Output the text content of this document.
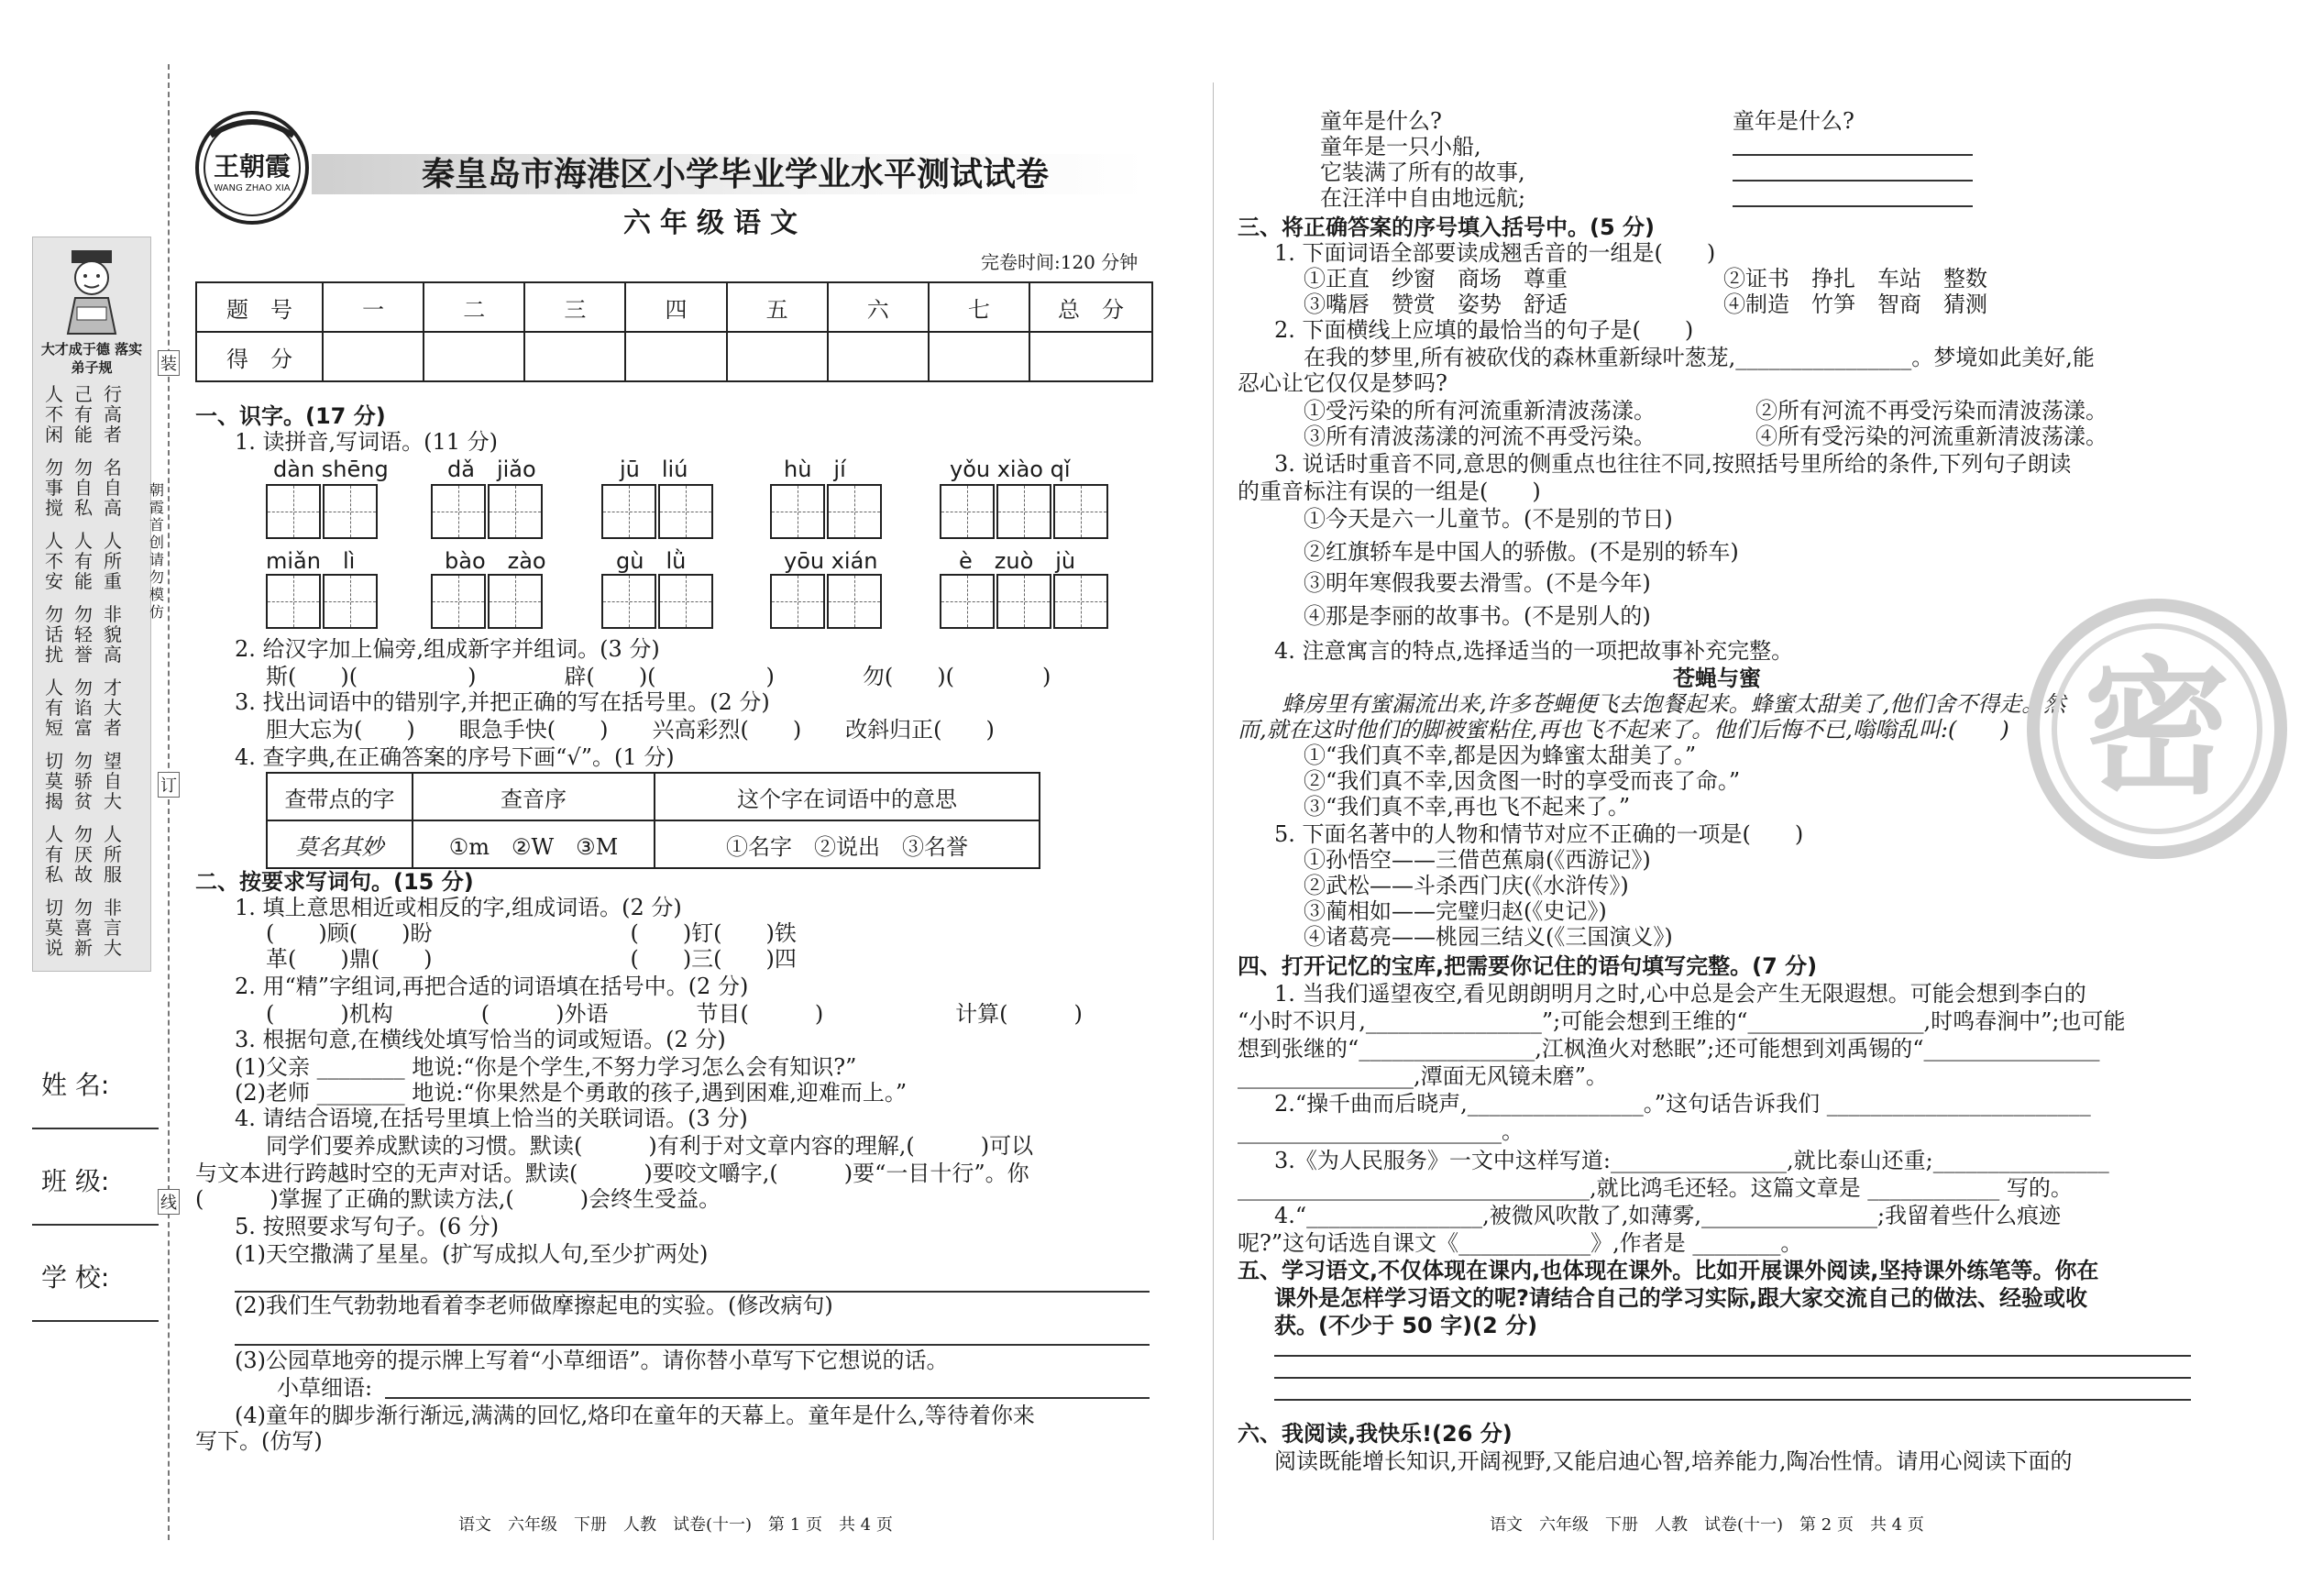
装
订
线
大才成于德 落实弟子规
人不闲
己有能
行高者
勿事搅
勿自私
名自高
人不安
人有能
人所重
勿话扰
勿轻誉
非貌高
人有短
勿谄富
才大者
切莫揭
勿骄贫
望自大
人有私
勿厌故
人所服
切莫说
勿喜新
非言大
朝霞首创 请勿模仿
姓 名:
班 级:
学 校:
王朝霞
WANG ZHAO XIA	秦皇岛市海港区小学毕业学业水平测试试卷
六年级语文
完卷时间:120 分钟
题　号	一	二	三	四	五	六	七	总　分
得　分								
一、识字。(17 分)
1. 读拼音,写词语。(11 分)
dàn shēng	dǎ　jiǎo	jū　liú	hù　jí	yǒu xiào qǐ
miǎn　lì	bào　zào	gù　lǜ	yōu xián	è　zuò　jù
2. 给汉字加上偏旁,组成新字并组词。(3 分)
斯(　　)(　　　　　)　　　　辟(　　)(　　　　　)　　　　勿(　　)(　　　　)
3. 找出词语中的错别字,并把正确的写在括号里。(2 分)
胆大忘为(　　)　　眼急手快(　　)　　兴高彩烈(　　)　　改斜归正(　　)
4. 查字典,在正确答案的序号下画“√”。(1 分)
查带点的字	查音序	这个字在词语中的意思
莫名其妙	①m　②W　③M	①名字　②说出　③名誉
二、按要求写词句。(15 分)
1. 填上意思相近或相反的字,组成词语。(2 分)
(　　)顾(　　)盼　　　　　　　　　(　　)钉(　　)铁
革(　　)鼎(　　)　　　　　　　　　(　　)三(　　)四
2. 用“精”字组词,再把合适的词语填在括号中。(2 分)
(　　　)机构　　　　(　　　)外语　　　　节目(　　　)　　　　　　计算(　　　)
3. 根据句意,在横线处填写恰当的词或短语。(2 分)
(1)父亲 ________ 地说:“你是个学生,不努力学习怎么会有知识?”
(2)老师 ________ 地说:“你果然是个勇敢的孩子,遇到困难,迎难而上。”
4. 请结合语境,在括号里填上恰当的关联词语。(3 分)
同学们要养成默读的习惯。默读(　　　)有利于对文章内容的理解,(　　　)可以
与文本进行跨越时空的无声对话。默读(　　　)要咬文嚼字,(　　　)要“一目十行”。你
(　　　)掌握了正确的默读方法,(　　　)会终生受益。
5. 按照要求写句子。(6 分)
(1)天空撒满了星星。(扩写成拟人句,至少扩两处)
(2)我们生气勃勃地看着李老师做摩擦起电的实验。(修改病句)
(3)公园草地旁的提示牌上写着“小草细语”。请你替小草写下它想说的话。
小草细语:
(4)童年的脚步渐行渐远,满满的回忆,烙印在童年的天幕上。童年是什么,等待着你来
写下。(仿写)
语文　六年级　下册　人教　试卷(十一)　第 1 页　共 4 页
童年是什么?
童年是一只小船,
它装满了所有的故事,
在汪洋中自由地远航;
童年是什么?
三、将正确答案的序号填入括号中。(5 分)
1. 下面词语全部要读成翘舌音的一组是(　　)
①正直　纱窗　商场　尊重	②证书　挣扎　车站　整数
③嘴唇　赞赏　姿势　舒适	④制造　竹笋　智商　猜测
2. 下面横线上应填的最恰当的句子是(　　)
在我的梦里,所有被砍伐的森林重新绿叶葱茏,________________。梦境如此美好,能
忍心让它仅仅是梦吗?
①受污染的所有河流重新清波荡漾。	②所有河流不再受污染而清波荡漾。
③所有清波荡漾的河流不再受污染。	④所有受污染的河流重新清波荡漾。
3. 说话时重音不同,意思的侧重点也往往不同,按照括号里所给的条件,下列句子朗读
的重音标注有误的一组是(　　)
①今天是六一儿童节。(不是别的节日)
②红旗轿车是中国人的骄傲。(不是别的轿车)
③明年寒假我要去滑雪。(不是今年)
④那是李丽的故事书。(不是别人的)
4. 注意寓言的特点,选择适当的一项把故事补充完整。
苍蝇与蜜
蜂房里有蜜漏流出来,许多苍蝇便飞去饱餐起来。蜂蜜太甜美了,他们舍不得走。然
而,就在这时他们的脚被蜜粘住,再也飞不起来了。他们后悔不已,嗡嗡乱叫:(　　)
①“我们真不幸,都是因为蜂蜜太甜美了。”
②“我们真不幸,因贪图一时的享受而丧了命。”
③“我们真不幸,再也飞不起来了。”
5. 下面名著中的人物和情节对应不正确的一项是(　　)
①孙悟空——三借芭蕉扇(《西游记》)
②武松——斗杀西门庆(《水浒传》)
③蔺相如——完璧归赵(《史记》)
④诸葛亮——桃园三结义(《三国演义》)
四、打开记忆的宝库,把需要你记住的语句填写完整。(7 分)
1. 当我们遥望夜空,看见朗朗明月之时,心中总是会产生无限遐想。可能会想到李白的
“小时不识月,________________”;可能会想到王维的“________________,时鸣春涧中”;也可能
想到张继的“________________,江枫渔火对愁眠”;还可能想到刘禹锡的“________________
________________,潭面无风镜未磨”。
2.“操千曲而后晓声,________________。”这句话告诉我们 ________________________
________________________。
3.《为人民服务》一文中这样写道:________________,就比泰山还重;________________
________________________________,就比鸿毛还轻。这篇文章是 ____________ 写的。
4.“________________,被微风吹散了,如薄雾,________________;我留着些什么痕迹
呢?”这句话选自课文《____________》,作者是 ________。
五、学习语文,不仅体现在课内,也体现在课外。比如开展课外阅读,坚持课外练笔等。你在
课外是怎样学习语文的呢?请结合自己的学习实际,跟大家交流自己的做法、经验或收
获。(不少于 50 字)(2 分)
六、我阅读,我快乐!(26 分)
阅读既能增长知识,开阔视野,又能启迪心智,培养能力,陶冶性情。请用心阅读下面的
密
语文　六年级　下册　人教　试卷(十一)　第 2 页　共 4 页
